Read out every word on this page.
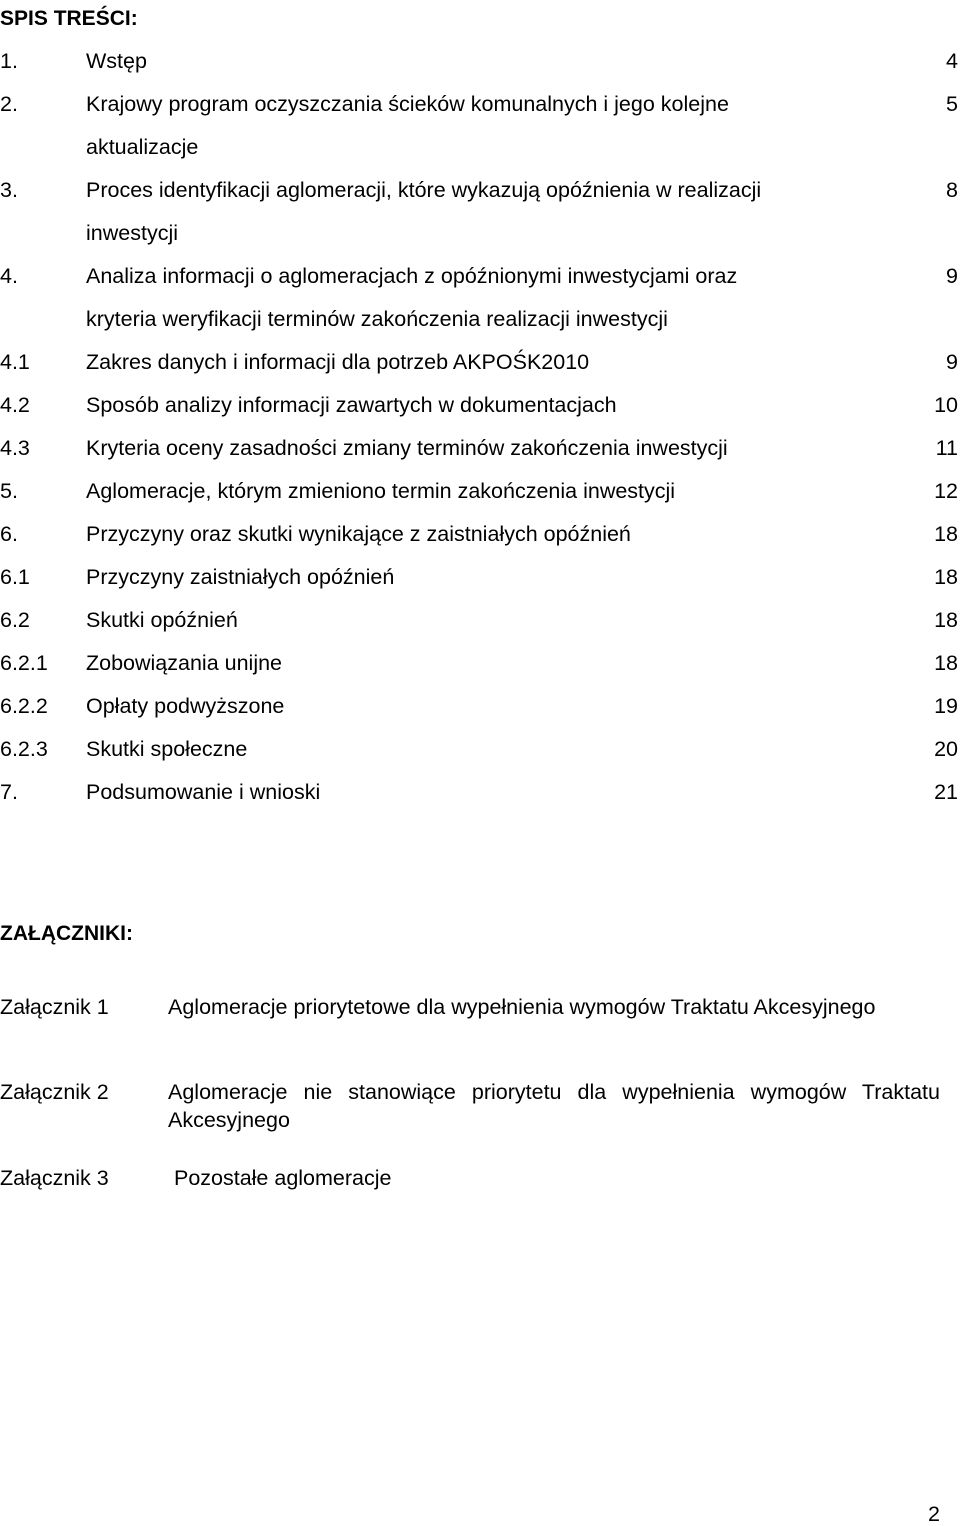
SPIS TREŚCI:
1.	Wstęp	4
2.	Krajowy program oczyszczania ścieków komunalnych i jego kolejne	5
aktualizacje
3.	Proces identyfikacji aglomeracji, które wykazują opóźnienia w realizacji	8
inwestycji
4.	Analiza informacji o aglomeracjach z opóźnionymi inwestycjami oraz	9
kryteria weryfikacji terminów zakończenia realizacji inwestycji
4.1	Zakres danych i informacji dla potrzeb AKPOŚK2010	9
4.2	Sposób analizy informacji zawartych w dokumentacjach	10
4.3	Kryteria oceny zasadności zmiany terminów zakończenia inwestycji	11
5.	Aglomeracje, którym zmieniono termin zakończenia inwestycji	12
6.	Przyczyny oraz skutki wynikające z zaistniałych opóźnień	18
6.1	Przyczyny zaistniałych opóźnień	18
6.2	Skutki opóźnień	18
6.2.1 Zobowiązania unijne	18
6.2.2 Opłaty podwyższone	19
6.2.3 Skutki społeczne	20
7.	Podsumowanie i wnioski	21
ZAŁĄCZNIKI:
Załącznik 1	Aglomeracje priorytetowe dla wypełnienia wymogów Traktatu Akcesyjnego
Załącznik 2	Aglomeracje nie stanowiące priorytetu dla wypełnienia wymogów Traktatu Akcesyjnego
Załącznik 3	Pozostałe aglomeracje
2
